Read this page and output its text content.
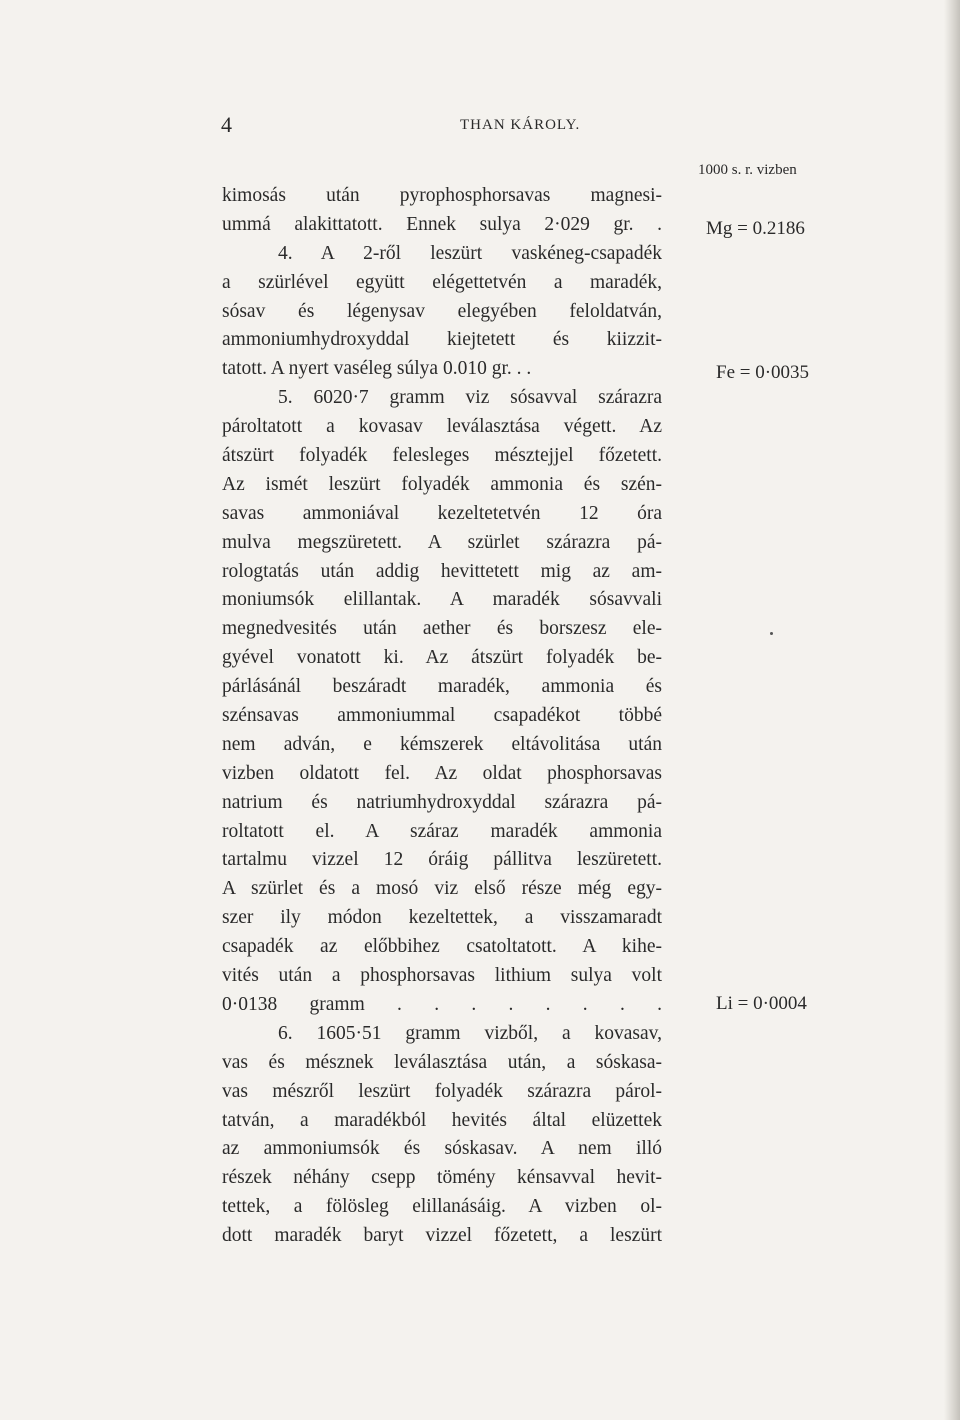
4	THAN KÁROLY.
1000 s. r. vizben
kimosás után pyrophosphorsavas magnesi-
ummá alakittatott. Ennek sulya 2·029 gr. .
4. A 2-ről leszürt vaskéneg-csapadék
a szürlével együtt elégettetvén a maradék,
sósav és légenysav elegyében feloldatván,
ammoniumhydroxyddal kiejtetett és kiizzit-
tatott. A nyert vaséleg súlya 0.010 gr. . .
5. 6020·7 gramm viz sósavval szárazra
pároltatott a kovasav leválasztása végett. Az
átszürt folyadék felesleges mésztejjel főzetett.
Az ismét leszürt folyadék ammonia és szén-
savas ammoniával kezeltetetvén 12 óra
mulva megszüretett. A szürlet szárazra pá-
rologtatás után addig hevittetett mig az am-
moniumsók elillantak. A maradék sósavvali
megnedvesités után aether és borszesz ele-
gyével vonatott ki. Az átszürt folyadék be-
párlásánál beszáradt maradék, ammonia és
szénsavas ammoniummal csapadékot többé
nem adván, e kémszerek eltávolitása után
vizben oldatott fel. Az oldat phosphorsavas
natrium és natriumhydroxyddal szárazra pá-
roltatott el. A száraz maradék ammonia
tartalmu vizzel 12 óráig pállitva leszüretett.
A szürlet és a mosó viz első része még egy-
szer ily módon kezeltettek, a visszamaradt
csapadék az előbbihez csatoltatott. A kihe-
vités után a phosphorsavas lithium sulya volt
0·0138 gramm . . . . . . . .
6. 1605·51 gramm vizből, a kovasav,
vas és mésznek leválasztása után, a sóskasa-
vas mészről leszürt folyadék szárazra párol-
tatván, a maradékból hevités által elüzettek
az ammoniumsók és sóskasav. A nem illó
részek néhány csepp tömény kénsavval hevit-
tettek, a fölösleg elillanásáig. A vizben ol-
dott maradék baryt vizzel főzetett, a leszürt
Mg = 0.2186
Fe = 0·0035
Li = 0·0004
